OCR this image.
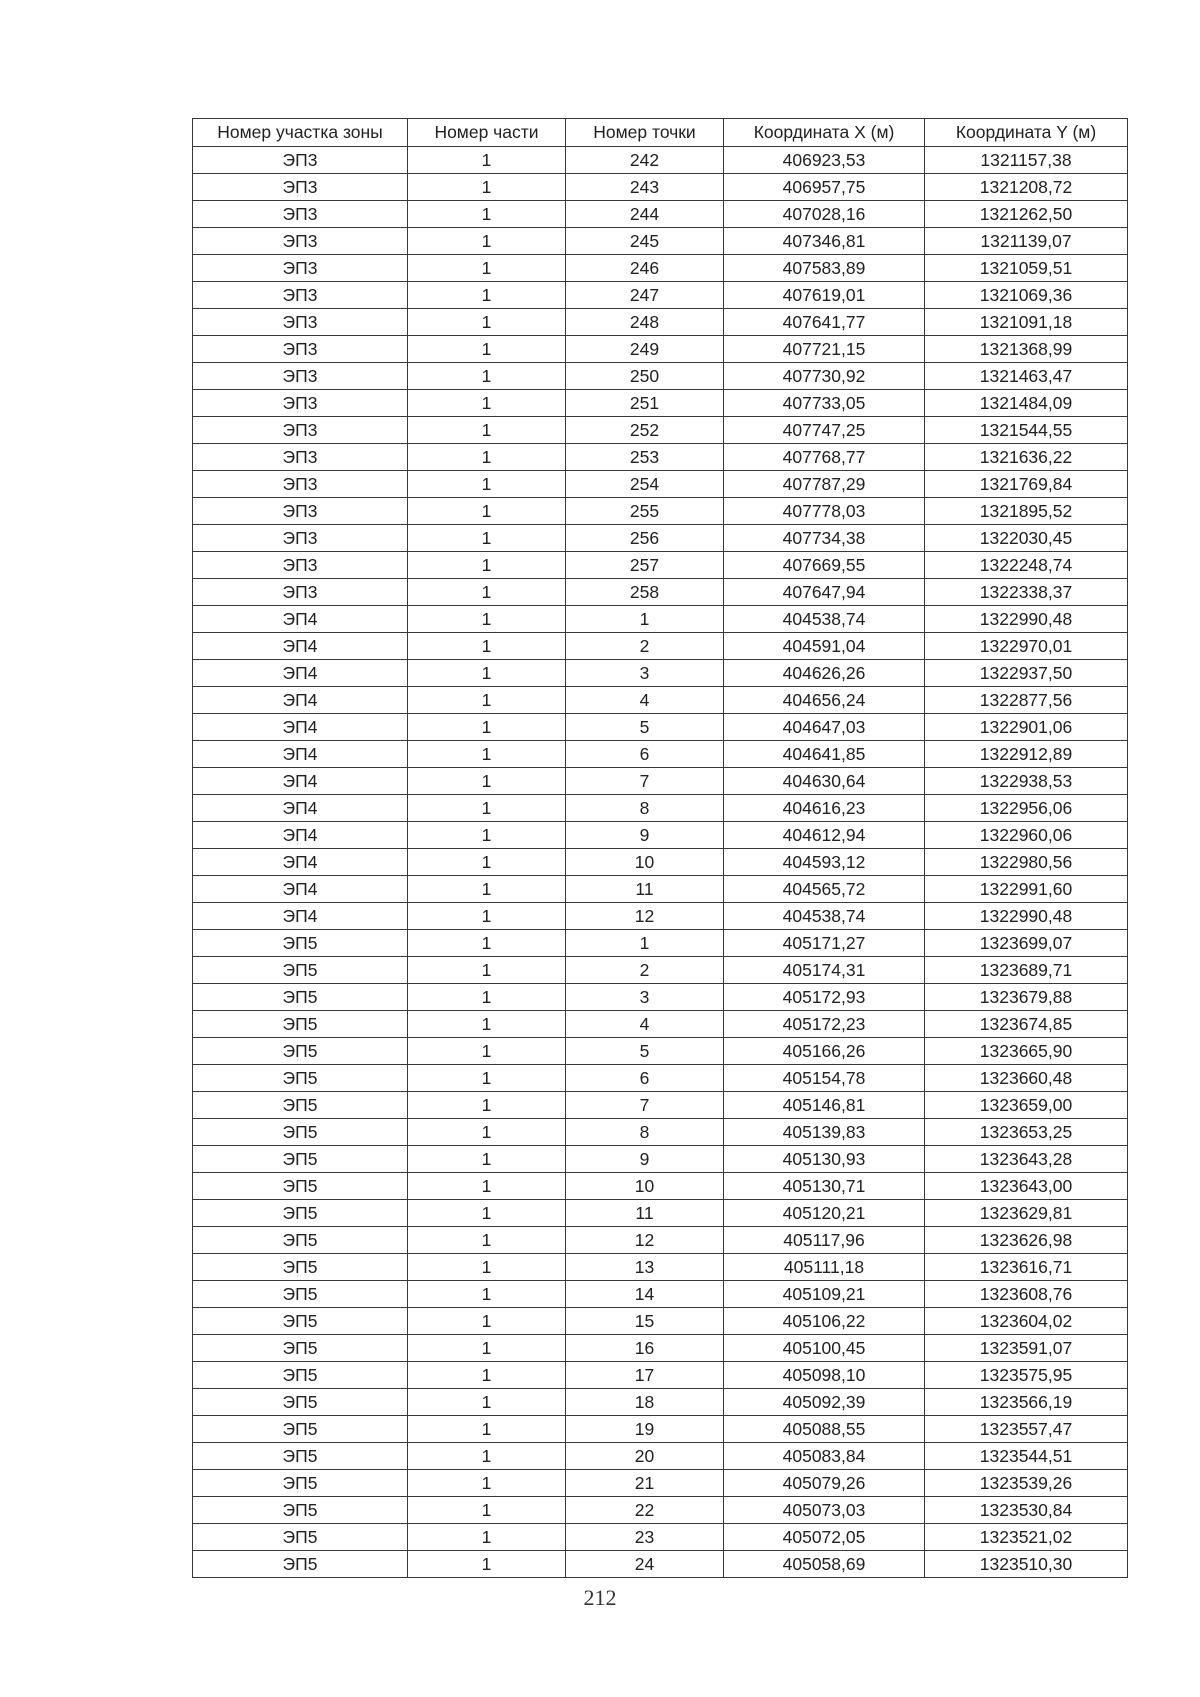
Номер участка зоны	Номер части	Номер точки	Координата X (м)	Координата Y (м)
ЭП3	1	242	406923,53	1321157,38
ЭП3	1	243	406957,75	1321208,72
ЭП3	1	244	407028,16	1321262,50
ЭП3	1	245	407346,81	1321139,07
ЭП3	1	246	407583,89	1321059,51
ЭП3	1	247	407619,01	1321069,36
ЭП3	1	248	407641,77	1321091,18
ЭП3	1	249	407721,15	1321368,99
ЭП3	1	250	407730,92	1321463,47
ЭП3	1	251	407733,05	1321484,09
ЭП3	1	252	407747,25	1321544,55
ЭП3	1	253	407768,77	1321636,22
ЭП3	1	254	407787,29	1321769,84
ЭП3	1	255	407778,03	1321895,52
ЭП3	1	256	407734,38	1322030,45
ЭП3	1	257	407669,55	1322248,74
ЭП3	1	258	407647,94	1322338,37
ЭП4	1	1	404538,74	1322990,48
ЭП4	1	2	404591,04	1322970,01
ЭП4	1	3	404626,26	1322937,50
ЭП4	1	4	404656,24	1322877,56
ЭП4	1	5	404647,03	1322901,06
ЭП4	1	6	404641,85	1322912,89
ЭП4	1	7	404630,64	1322938,53
ЭП4	1	8	404616,23	1322956,06
ЭП4	1	9	404612,94	1322960,06
ЭП4	1	10	404593,12	1322980,56
ЭП4	1	11	404565,72	1322991,60
ЭП4	1	12	404538,74	1322990,48
ЭП5	1	1	405171,27	1323699,07
ЭП5	1	2	405174,31	1323689,71
ЭП5	1	3	405172,93	1323679,88
ЭП5	1	4	405172,23	1323674,85
ЭП5	1	5	405166,26	1323665,90
ЭП5	1	6	405154,78	1323660,48
ЭП5	1	7	405146,81	1323659,00
ЭП5	1	8	405139,83	1323653,25
ЭП5	1	9	405130,93	1323643,28
ЭП5	1	10	405130,71	1323643,00
ЭП5	1	11	405120,21	1323629,81
ЭП5	1	12	405117,96	1323626,98
ЭП5	1	13	405111,18	1323616,71
ЭП5	1	14	405109,21	1323608,76
ЭП5	1	15	405106,22	1323604,02
ЭП5	1	16	405100,45	1323591,07
ЭП5	1	17	405098,10	1323575,95
ЭП5	1	18	405092,39	1323566,19
ЭП5	1	19	405088,55	1323557,47
ЭП5	1	20	405083,84	1323544,51
ЭП5	1	21	405079,26	1323539,26
ЭП5	1	22	405073,03	1323530,84
ЭП5	1	23	405072,05	1323521,02
ЭП5	1	24	405058,69	1323510,30
212
